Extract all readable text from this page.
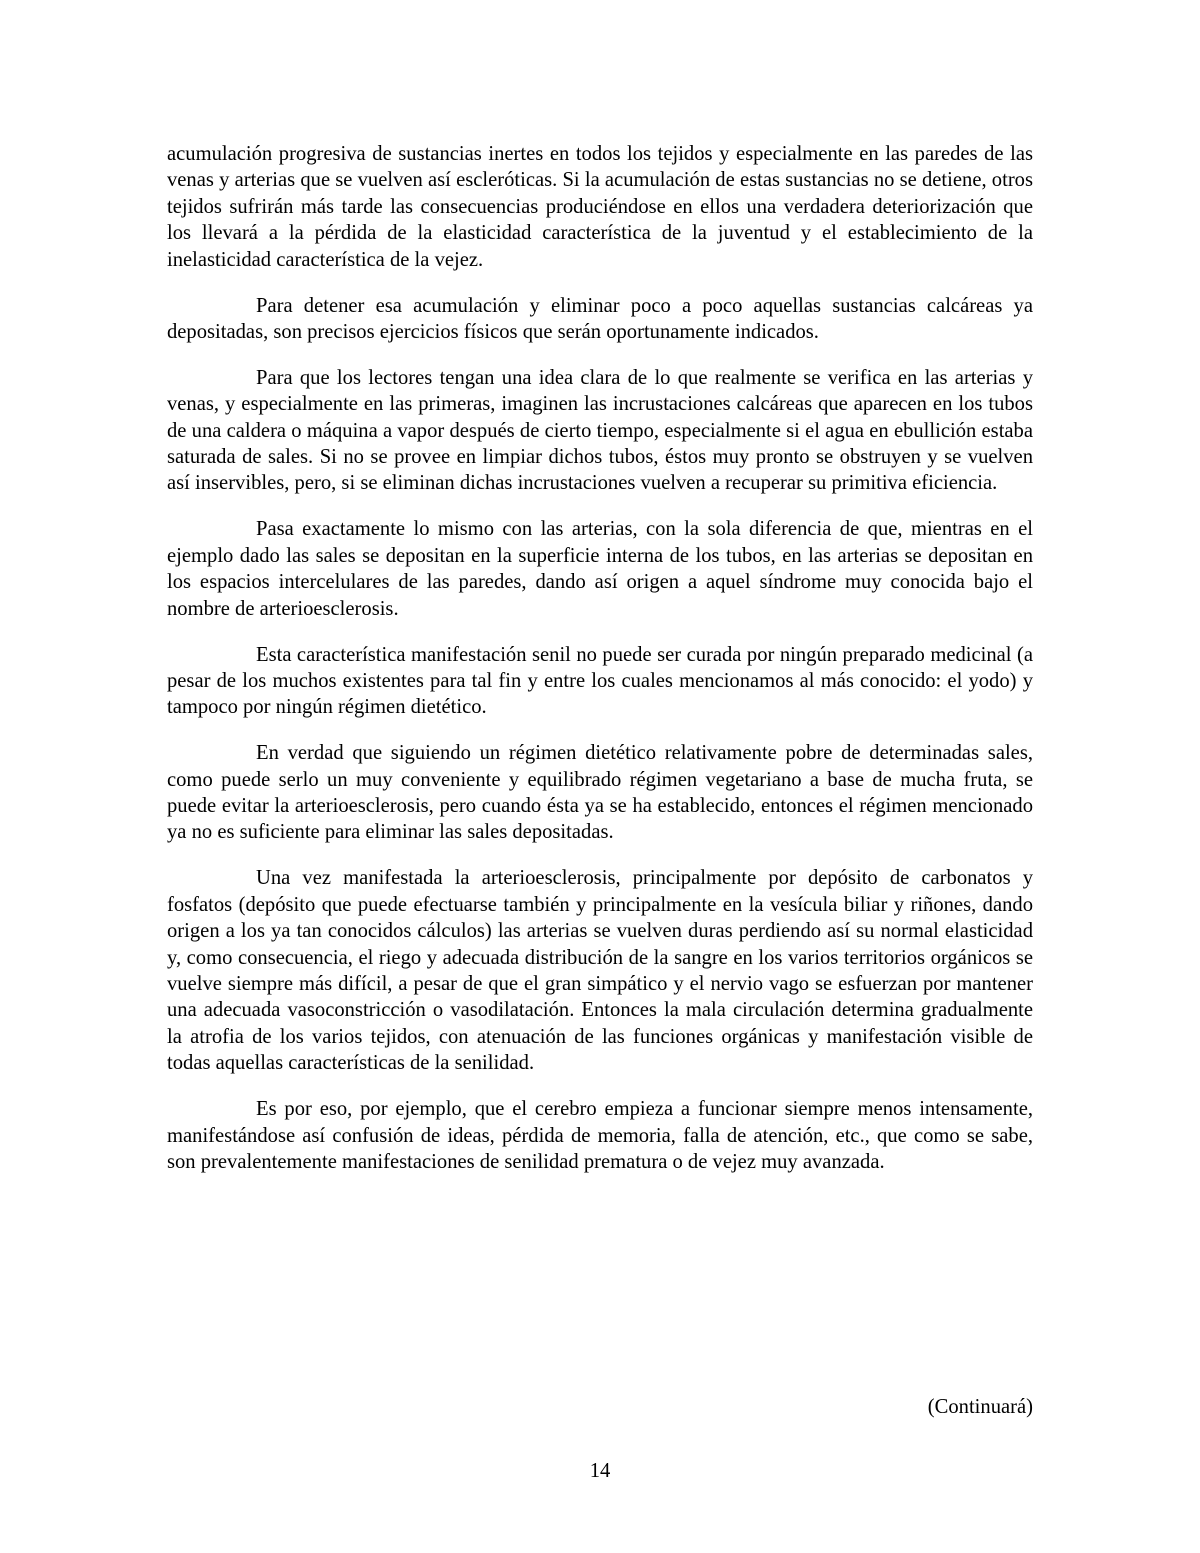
acumulación progresiva de sustancias inertes en todos los tejidos y especialmente en las paredes de las venas y arterias que se vuelven así escleróticas. Si la acumulación de estas sustancias no se detiene, otros tejidos sufrirán más tarde las consecuencias produciéndose en ellos una verdadera deteriorización que los llevará a la pérdida de la elasticidad característica de la juventud y el establecimiento de la inelasticidad característica de la vejez.

Para detener esa acumulación y eliminar poco a poco aquellas sustancias calcáreas ya depositadas, son precisos ejercicios físicos que serán oportunamente indicados.

Para que los lectores tengan una idea clara de lo que realmente se verifica en las arterias y venas, y especialmente en las primeras, imaginen las incrustaciones calcáreas que aparecen en los tubos de una caldera o máquina a vapor después de cierto tiempo, especialmente si el agua en ebullición estaba saturada de sales. Si no se provee en limpiar dichos tubos, éstos muy pronto se obstruyen y se vuelven así inservibles, pero, si se eliminan dichas incrustaciones vuelven a recuperar su primitiva eficiencia.

Pasa exactamente lo mismo con las arterias, con la sola diferencia de que, mientras en el ejemplo dado las sales se depositan en la superficie interna de los tubos, en las arterias se depositan en los espacios intercelulares de las paredes, dando así origen a aquel síndrome muy conocida bajo el nombre de arterioesclerosis.

Esta característica manifestación senil no puede ser curada por ningún preparado medicinal (a pesar de los muchos existentes para tal fin y entre los cuales mencionamos al más conocido: el yodo) y tampoco por ningún régimen dietético.

En verdad que siguiendo un régimen dietético relativamente pobre de determinadas sales, como puede serlo un muy conveniente y equilibrado régimen vegetariano a base de mucha fruta, se puede evitar la arterioesclerosis, pero cuando ésta ya se ha establecido, entonces el régimen mencionado ya no es suficiente para eliminar las sales depositadas.

Una vez manifestada la arterioesclerosis, principalmente por depósito de carbonatos y fosfatos (depósito que puede efectuarse también y principalmente en la vesícula biliar y riñones, dando origen a los ya tan conocidos cálculos) las arterias se vuelven duras perdiendo así su normal elasticidad y, como consecuencia, el riego y adecuada distribución de la sangre en los varios territorios orgánicos se vuelve siempre más difícil, a pesar de que el gran simpático y el nervio vago se esfuerzan por mantener una adecuada vasoconstricción o vasodilatación. Entonces la mala circulación determina gradualmente la atrofia de los varios tejidos, con atenuación de las funciones orgánicas y manifestación visible de todas aquellas características de la senilidad.

Es por eso, por ejemplo, que el cerebro empieza a funcionar siempre menos intensamente, manifestándose así confusión de ideas, pérdida de memoria, falla de atención, etc., que como se sabe, son prevalentemente manifestaciones de senilidad prematura o de vejez muy avanzada.

(Continuará)
14
